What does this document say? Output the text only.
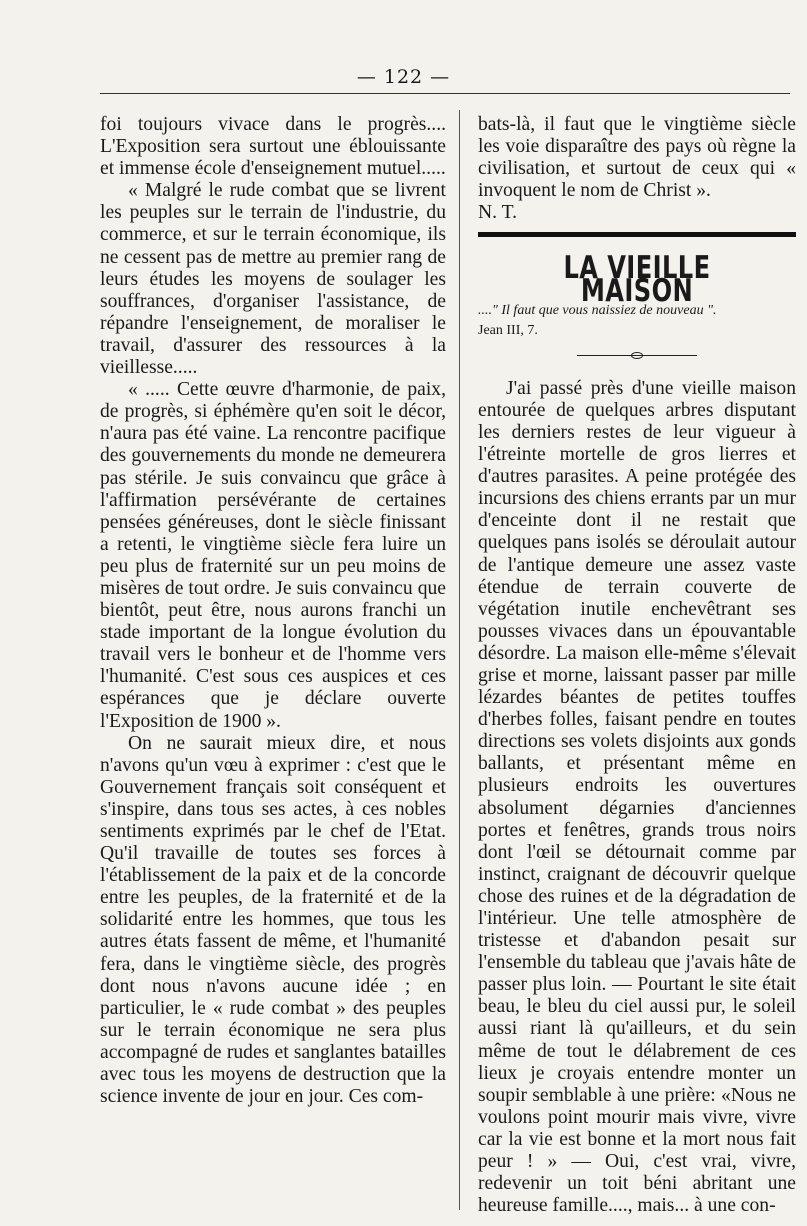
— 122 —

foi toujours vivace dans le progrès.... L'Exposition sera surtout une éblouissante et immense école d'enseignement mutuel.....

« Malgré le rude combat que se livrent les peuples sur le terrain de l'industrie, du commerce, et sur le terrain économique, ils ne cessent pas de mettre au premier rang de leurs études les moyens de soulager les souffrances, d'organiser l'assistance, de répandre l'enseignement, de moraliser le travail, d'assurer des ressources à la vieillesse.....

« ..... Cette œuvre d'harmonie, de paix, de progrès, si éphémère qu'en soit le décor, n'aura pas été vaine. La rencontre pacifique des gouvernements du monde ne demeurera pas stérile. Je suis convaincu que grâce à l'affirmation persévérante de certaines pensées généreuses, dont le siècle finissant a retenti, le vingtième siècle fera luire un peu plus de fraternité sur un peu moins de misères de tout ordre. Je suis convaincu que bientôt, peut être, nous aurons franchi un stade important de la longue évolution du travail vers le bonheur et de l'homme vers l'humanité. C'est sous ces auspices et ces espérances que je déclare ouverte l'Exposition de 1900 ».

On ne saurait mieux dire, et nous n'avons qu'un vœu à exprimer : c'est que le Gouvernement français soit conséquent et s'inspire, dans tous ses actes, à ces nobles sentiments exprimés par le chef de l'Etat. Qu'il travaille de toutes ses forces à l'établissement de la paix et de la concorde entre les peuples, de la fraternité et de la solidarité entre les hommes, que tous les autres états fassent de même, et l'humanité fera, dans le vingtième siècle, des progrès dont nous n'avons aucune idée ; en particulier, le « rude combat » des peuples sur le terrain économique ne sera plus accompagné de rudes et sanglantes batailles avec tous les moyens de destruction que la science invente de jour en jour. Ces com-

bats-là, il faut que le vingtième siècle les voie disparaître des pays où règne la civilisation, et surtout de ceux qui « invoquent le nom de Christ ».

N. T.

LA VIEILLE MAISON

...." Il faut que vous naissiez de nouveau ".

Jean III, 7.

J'ai passé près d'une vieille maison entourée de quelques arbres disputant les derniers restes de leur vigueur à l'étreinte mortelle de gros lierres et d'autres parasites. A peine protégée des incursions des chiens errants par un mur d'enceinte dont il ne restait que quelques pans isolés se déroulait autour de l'antique demeure une assez vaste étendue de terrain couverte de végétation inutile enchevêtrant ses pousses vivaces dans un épouvantable désordre. La maison elle-même s'élevait grise et morne, laissant passer par mille lézardes béantes de petites touffes d'herbes folles, faisant pendre en toutes directions ses volets disjoints aux gonds ballants, et présentant même en plusieurs endroits les ouvertures absolument dégarnies d'anciennes portes et fenêtres, grands trous noirs dont l'œil se détournait comme par instinct, craignant de découvrir quelque chose des ruines et de la dégradation de l'intérieur. Une telle atmosphère de tristesse et d'abandon pesait sur l'ensemble du tableau que j'avais hâte de passer plus loin. — Pourtant le site était beau, le bleu du ciel aussi pur, le soleil aussi riant là qu'ailleurs, et du sein même de tout le délabrement de ces lieux je croyais entendre monter un soupir semblable à une prière: «Nous ne voulons point mourir mais vivre, vivre car la vie est bonne et la mort nous fait peur ! » — Oui, c'est vrai, vivre, redevenir un toit béni abritant une heureuse famille...., mais... à une con-
